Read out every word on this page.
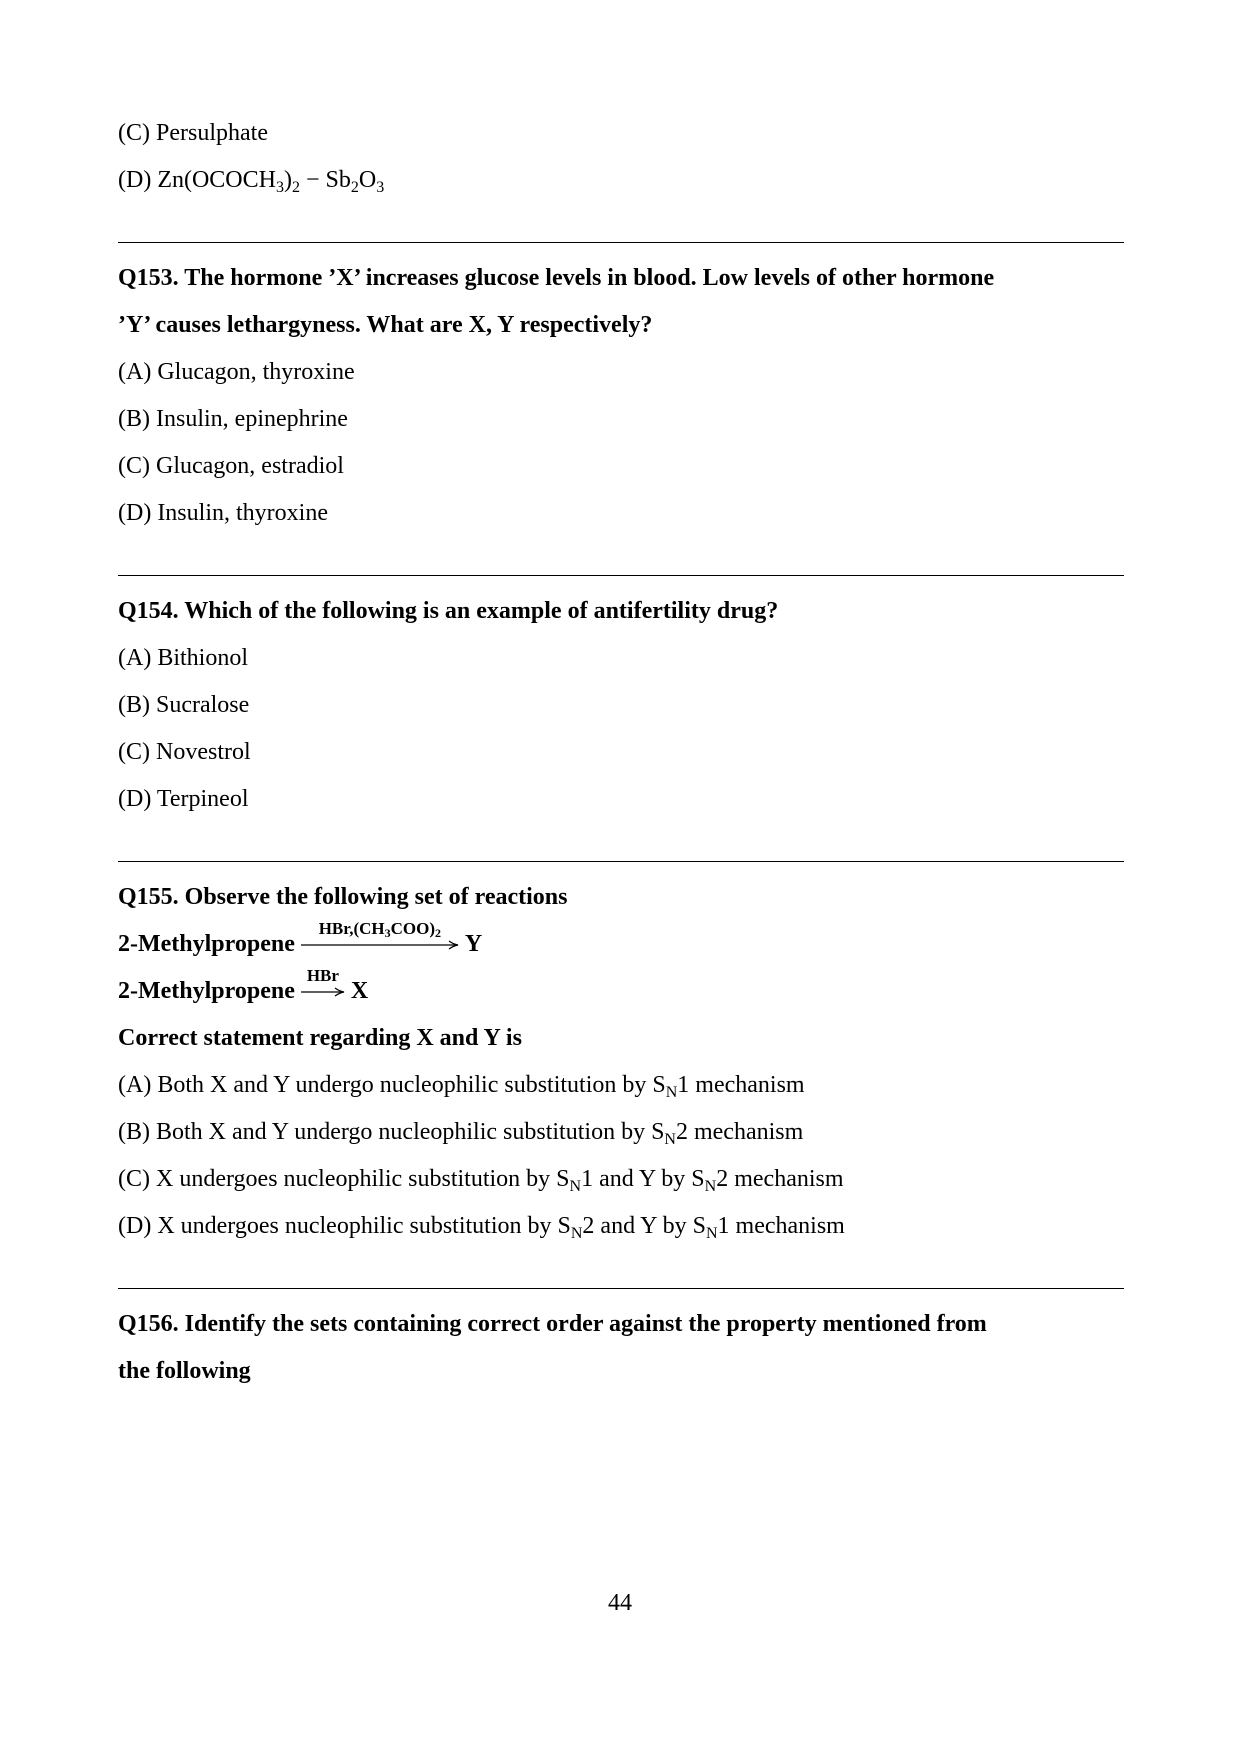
(C) Persulphate
(D) $Zn(OCOCH_3)_2 - Sb_2O_3$
Q153. The hormone ’X’ increases glucose levels in blood. Low levels of other hormone
’Y’ causes lethargyness. What are X, Y respectively?
(A) Glucagon, thyroxine
(B) Insulin, epinephrine
(C) Glucagon, estradiol
(D) Insulin, thyroxine
Q154. Which of the following is an example of antifertility drug?
(A) Bithionol
(B) Sucralose
(C) Novestrol
(D) Terpineol
Q155. Observe the following set of reactions
2-Methylpropene
HBr,(CH3COO)2 Y
2-Methylpropene
HBr
X
Correct statement regarding X and Y is
(A) Both X and Y undergo nucleophilic substitution by $S_N1$ mechanism
(B) Both X and Y undergo nucleophilic substitution by $S_N2$ mechanism
(C) X undergoes nucleophilic substitution by $S_N1$ and Y by $S_N2$ mechanism
(D) X undergoes nucleophilic substitution by $S_N2$ and Y by $S_N1$ mechanism
Q156. Identify the sets containing correct order against the property mentioned from
the following
44
